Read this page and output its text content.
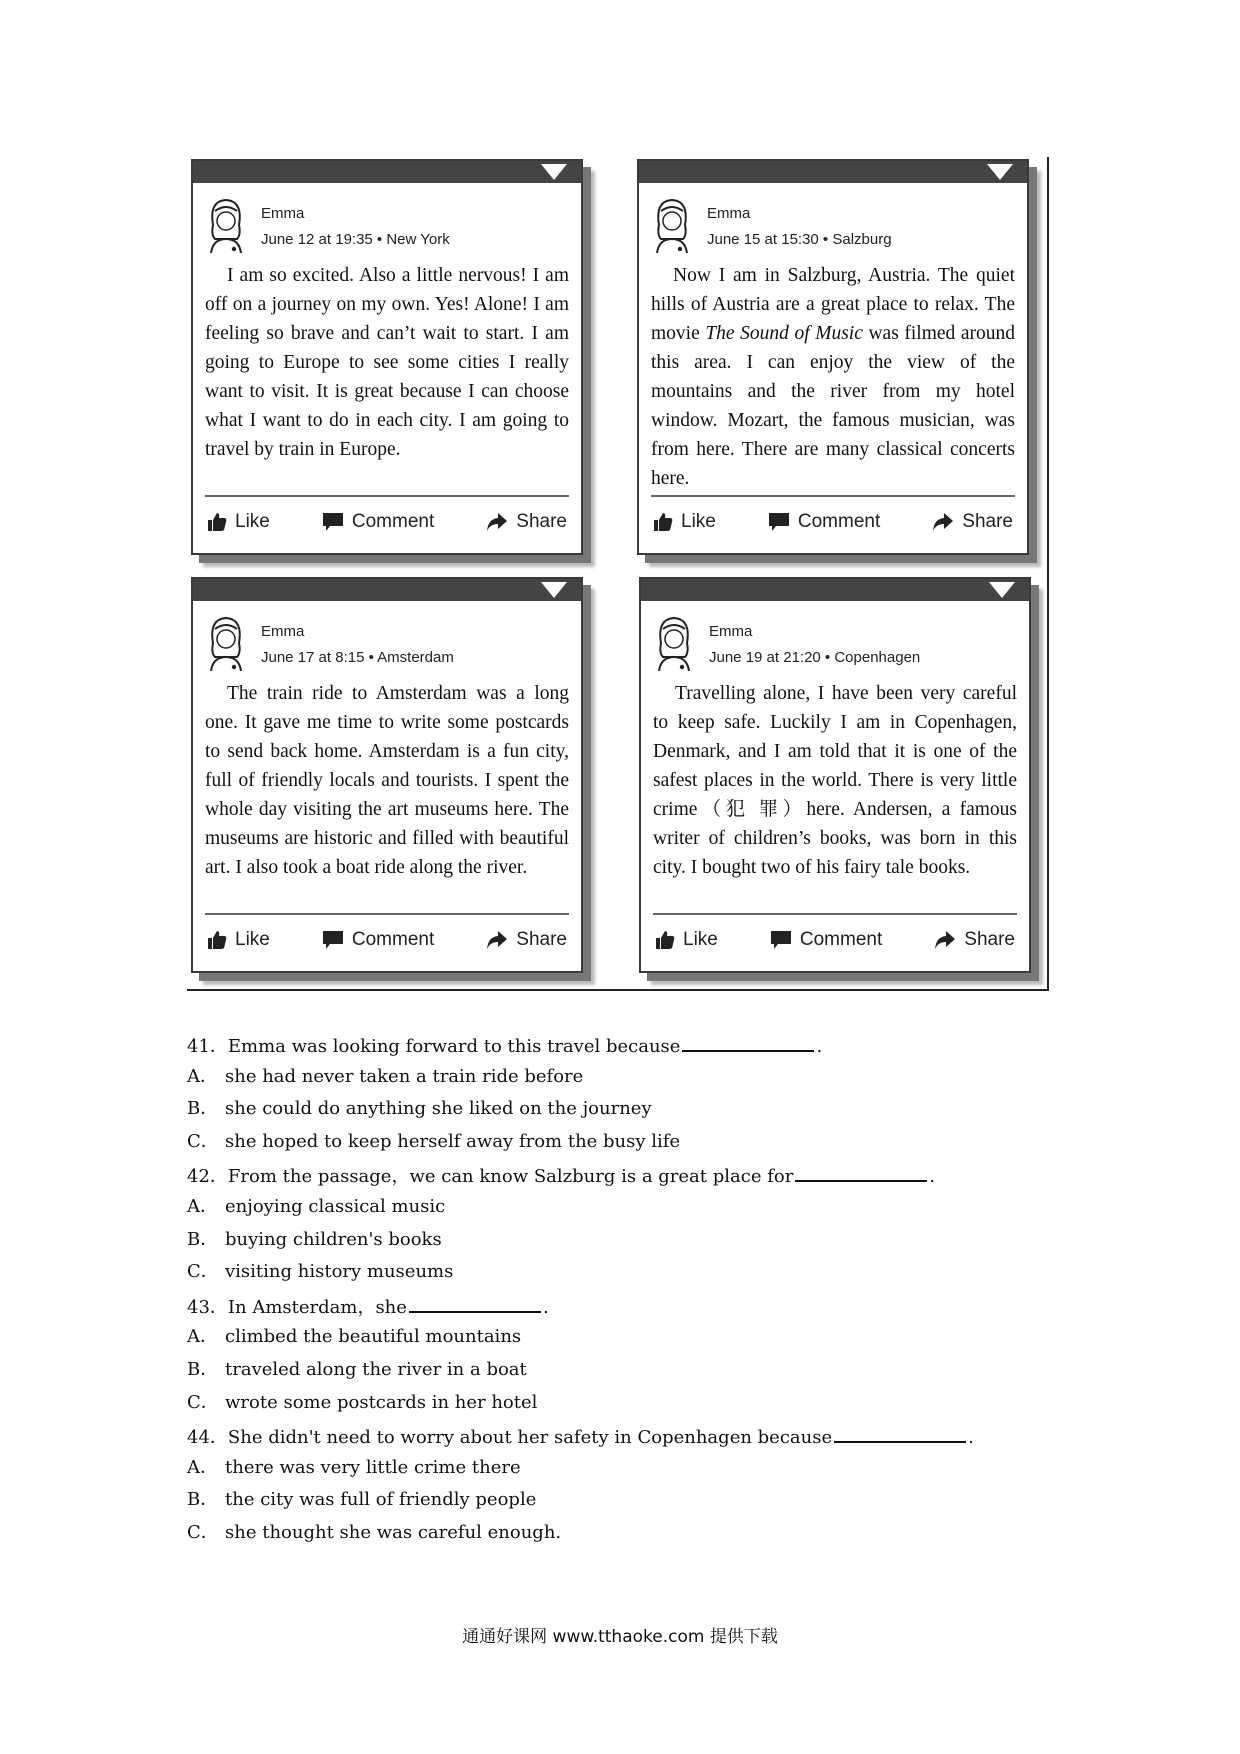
Emma
June 12 at 19:35 • New York
I am so excited. Also a little nervous! I am off on a journey on my own. Yes! Alone! I am feeling so brave and can’t wait to start. I am going to Europe to see some cities I really want to visit. It is great because I can choose what I want to do in each city. I am going to travel by train in Europe.
Like	Comment	Share
Emma
June 15 at 15:30 • Salzburg
Now I am in Salzburg, Austria. The quiet hills of Austria are a great place to relax. The movie The Sound of Music was filmed around this area. I can enjoy the view of the mountains and the river from my hotel window. Mozart, the famous musician, was from here. There are many classical concerts here.
Like	Comment	Share
Emma
June 17 at 8:15 • Amsterdam
The train ride to Amsterdam was a long one. It gave me time to write some postcards to send back home. Amsterdam is a fun city, full of friendly locals and tourists. I spent the whole day visiting the art museums here. The museums are historic and filled with beautiful art. I also took a boat ride along the river.
Like	Comment	Share
Emma
June 19 at 21:20 • Copenhagen
Travelling alone, I have been very careful to keep safe. Luckily I am in Copenhagen, Denmark, and I am told that it is one of the safest places in the world. There is very little crime（犯 罪）here. Andersen, a famous writer of children’s books, was born in this city. I bought two of his fairy tale books.
Like	Comment	Share
41．Emma was looking forward to this travel because	.
A． she had never taken a train ride before
B． she could do anything she liked on the journey
C． she hoped to keep herself away from the busy life
42．From the passage，we can know Salzburg is a great place for	.
A． enjoying classical music
B． buying children's books
C． visiting history museums
43．In Amsterdam，she	.
A． climbed the beautiful mountains
B． traveled along the river in a boat
C． wrote some postcards in her hotel
44．She didn't need to worry about her safety in Copenhagen because	.
A． there was very little crime there
B． the city was full of friendly people
C． she thought she was careful enough.
通通好课网 www.tthaoke.com 提供下载
